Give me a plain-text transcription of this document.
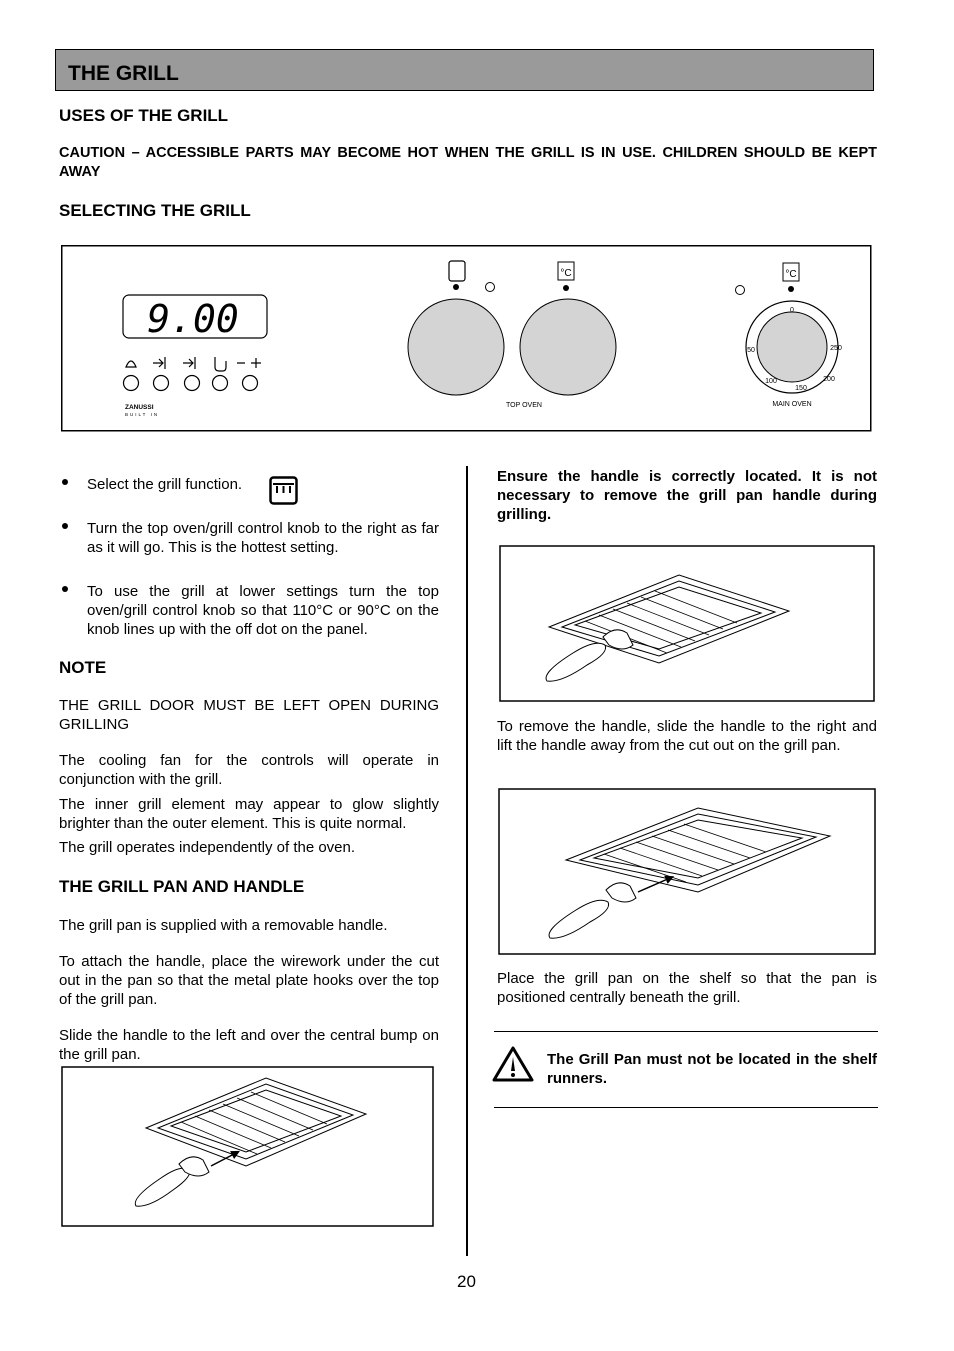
THE GRILL
USES OF THE GRILL
CAUTION – ACCESSIBLE PARTS MAY BECOME HOT WHEN THE GRILL IS IN USE. CHILDREN SHOULD BE KEPT AWAY
SELECTING THE GRILL
9.00
ZANUSSI
BUILT IN
°C
TOP OVEN
°C
0
50
100
150
200
250
MAIN OVEN
Select the grill function.
Turn the top oven/grill control knob to the right as far as it will go. This is the hottest setting.
To use the grill at lower settings turn the top oven/grill control knob so that 110°C or 90°C on the knob lines up with the off dot on the panel.
NOTE
THE GRILL DOOR MUST BE LEFT OPEN DURING GRILLING
The cooling fan for the controls will operate in conjunction with the grill.
The inner grill element may appear to glow slightly brighter than the outer element. This is quite normal.
The grill operates independently of the oven.
THE GRILL PAN AND HANDLE
The grill pan is supplied with a removable handle.
To attach the handle, place the wirework under the cut out in the pan so that the metal plate hooks over the top of the grill pan.
Slide the handle to the left and over the central bump on the grill pan.
Ensure the handle is correctly located. It is not necessary to remove the grill pan handle during grilling.
To remove the handle, slide the handle to the right and lift the handle away from the cut out on the grill pan.
Place the grill pan on the shelf so that the pan is positioned centrally beneath the grill.
The Grill Pan must not be located in the shelf runners.
20
